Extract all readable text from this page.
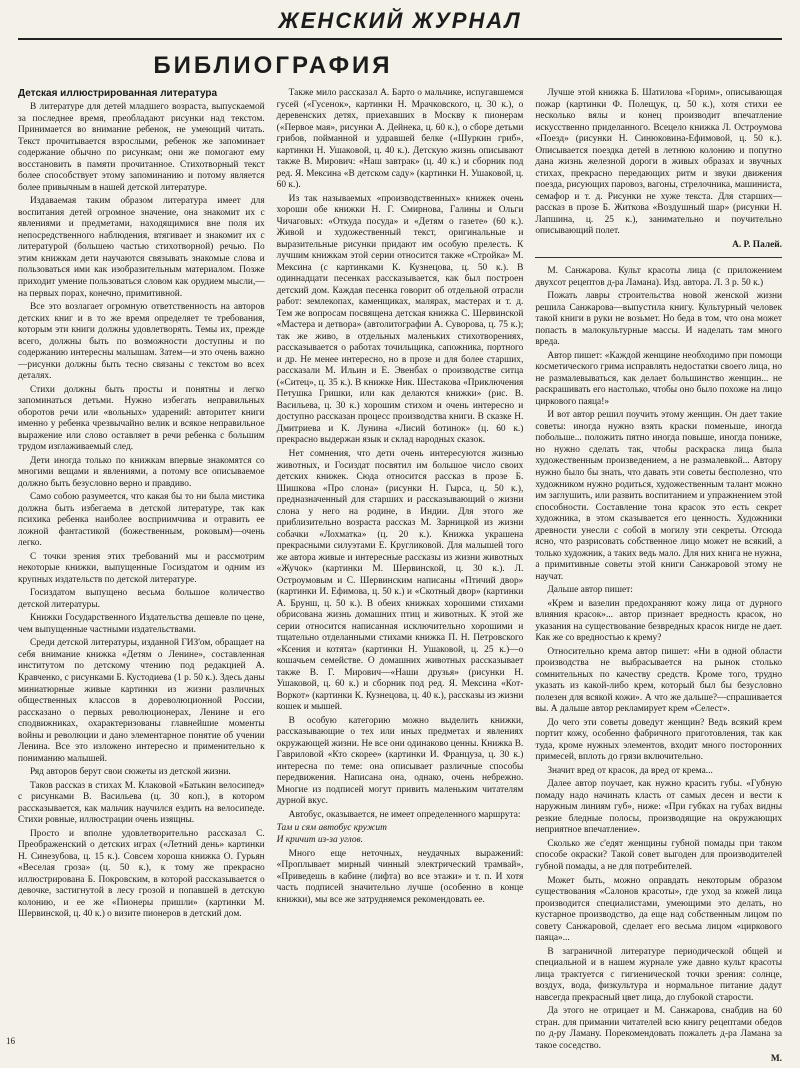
ЖЕНСКИЙ ЖУРНАЛ
БИБЛИОГРАФИЯ

Детская иллюстрированная литература

В литературе для детей младшего возраста, выпускаемой за последнее время, преобладают рисунки над текстом. Принимается во внимание ребенок, не умеющий читать. Текст прочитывается взрослыми, ребенок же запоминает содержание обычно по рисункам; они же помогают ему восстановить в памяти прочитанное. Стихотворный текст более способствует этому запоминанию и потому является более привычным в нашей детской литературе.

Издаваемая таким образом литература имеет для воспитания детей огромное значение, она знакомит их с явлениями и предметами, находящимися вне поля их непосредственного наблюдения, втягивает и знакомит их с литературой (большею частью стихотворной) речью. По этим книжкам дети научаются связывать знакомые слова и пользоваться ими как изобразительным материалом. Позже приходит умение пользоваться словом как орудием мысли,—на первых порах, конечно, примитивной.

Все это возлагает огромную ответственность на авторов детских книг и в то же время определяет те требования, которым эти книги должны удовлетворять. Темы их, прежде всего, должны быть по возможности доступны и по содержанию интересны малышам. Затем—и это очень важно—рисунки должны быть тесно связаны с текстом во всех деталях.

Стихи должны быть просты и понятны и легко запоминаться детьми. Нужно избегать неправильных оборотов речи или «вольных» ударений: авторитет книги именно у ребенка чрезвычайно велик и всякое неправильное выражение или слово оставляет в речи ребенка с большим трудом изглаживаемый след.

Дети иногда только по книжкам впервые знакомятся со многими вещами и явлениями, а потому все описываемое должно быть безусловно верно и правдиво.

Само собою разумеется, что какая бы то ни была мистика должна быть избегаема в детской литературе, так как психика ребенка наиболее восприимчива и отравить ее ложной фантастикой (божественным, роковым)—очень легко.

С точки зрения этих требований мы и рассмотрим некоторые книжки, выпущенные Госиздатом и одним из крупных издательств по детской литературе.

Госиздатом выпущено весьма большое количество детской литературы.

Книжки Государственного Издательства дешевле по цене, чем выпущенные частными издательствами.

Среди детской литературы, изданной ГИЗ'ом, обращает на себя внимание книжка «Детям о Ленине», составленная институтом по детскому чтению под редакцией А. Кравченко, с рисунками Б. Кустодиева (1 р. 50 к.). Здесь даны миниатюрные живые картинки из жизни различных общественных классов в дореволюционной России, рассказано о первых революционерах, Ленине и его сподвижниках, охарактеризованы главнейшие моменты войны и революции и дано элементарное понятие об учении Ленина. Все это изложено интересно и применительно к пониманию малышей.

Ряд авторов берут свои сюжеты из детской жизни.

Таков рассказ в стихах М. Клаковой «Батькин велосипед» с рисунками В. Васильева (ц. 30 коп.), в котором рассказывается, как мальчик научился ездить на велосипеде. Стихи ровные, иллюстрации очень изящны.

Просто и вполне удовлетворительно рассказал С. Преображенский о детских играх («Летний день» картинки Н. Синезубова, ц. 15 к.). Совсем хороша книжка О. Гурьян «Веселая гроза» (ц. 50 к.), к тому же прекрасно иллюстрирована Б. Покровским, в которой рассказывается о девочке, застигнутой в лесу грозой и попавшей в детскую колонию, и ее же «Пионеры пришли» (картинки М. Шервинской, ц. 40 к.) о визите пионеров в детский дом.

Также мило рассказал А. Барто о мальчике, испугавшемся гусей («Гусенок», картинки Н. Мрачковского, ц. 30 к.), о деревенских детях, приехавших в Москву к пионерам («Первое мая», рисунки А. Дейнека, ц. 60 к.), о сборе детьми грибов, пойманной и удравшей белке («Шуркин гриб», картинки Н. Ушаковой, ц. 40 к.). Детскую жизнь описывают также В. Мирович: «Наш завтрак» (ц. 40 к.) и сборник под ред. Я. Мексина «В детском саду» (картинки Н. Ушаковой, ц. 60 к.).

Из так называемых «производственных» книжек очень хороши обе книжки Н. Г. Смирнова, Галины и Ольги Чичаговых: «Откуда посуда» и «Детям о газете» (60 к.). Живой и художественный текст, оригинальные и выразительные рисунки придают им особую прелесть. К лучшим книжкам этой серии относится также «Стройка» М. Мексина (с картинками К. Кузнецова, ц. 50 к.). В одиннадцати песенках рассказывается, как был построен детский дом. Каждая песенка говорит об отдельной отрасли работ: землекопах, каменщиках, малярах, мастерах и т. д. Тем же вопросам посвящена детская книжка С. Шервинской «Мастера и детвора» (автолитографии А. Суворова, ц. 75 к.); так же живо, в отдельных маленьких стихотворениях, рассказывается о работах точильщика, сапожника, портного и др. Не менее интересно, но в прозе и для более старших, рассказали М. Ильин и Е. Эвенбах о производстве ситца («Ситец», ц. 35 к.). В книжке Ник. Шестакова «Приключения Петушка Гришки, или как делаются книжки» (рис. В. Васильева, ц. 30 к.) хорошим стихом и очень интересно и доступно рассказан процесс производства книги. В сказке Н. Дмитриева и К. Лунина «Лисий ботинок» (ц. 60 к.) прекрасно выдержан язык и склад народных сказок.

Нет сомнения, что дети очень интересуются жизнью животных, и Госиздат посвятил им большое число своих детских книжек. Сюда относится рассказ в прозе Б. Шишкова «Про слона» (рисунки Н. Гырса, ц. 50 к.), предназначенный для старших и рассказывающий о жизни слона у него на родине, в Индии. Для этого же приблизительно возраста рассказ М. Зарницкой из жизни собачки «Лохматка» (ц. 20 к.). Книжка украшена прекрасными силуэтами Е. Кругликовой. Для малышей того же автора живые и интересные рассказы из жизни животных «Жучок» (картинки М. Шервинской, ц. 30 к.). Л. Остроумовым и С. Шервинским написаны «Птичий двор» (картинки И. Ефимова, ц. 50 к.) и «Скотный двор» (картинки А. Брунш, ц. 50 к.). В обеих книжках хорошими стихами обрисована жизнь домашних птиц и животных. К этой же серии относится написанная исключительно хорошими и тщательно отделанными стихами книжка П. Н. Петровского «Ксения и котята» (картинки Н. Ушаковой, ц. 25 к.)—о кошачьем семействе. О домашних животных рассказывает также В. Г. Мирович—«Наши друзья» (рисунки Н. Ушаковой, ц. 60 к.) и сборник под ред. Я. Мексина «Кот-Воркот» (картинки К. Кузнецова, ц. 40 к.), рассказы из жизни кошек и мышей.

В особую категорию можно выделить книжки, рассказывающие о тех или иных предметах и явлениях окружающей жизни. Не все они одинаково ценны. Книжка В. Гавриловой «Кто скорее» (картинки И. Француза, ц. 30 к.) интересна по теме: она описывает различные способы передвижения. Написана она, однако, очень небрежно. Многие из подписей могут привить маленьким читателям дурной вкус.

Автобус, оказывается, не имеет определенного маршрута:

Там и сям автобус кружит
И кричит из-за углов.

Много еще неточных, неудачных выражений: «Проплывает мирный чинный электрический трамвай», «Приведешь в кабине (лифта) во все этажи» и т. п. И хотя часть подписей значительно лучше (особенно в конце книжки), мы все же затрудняемся рекомендовать ее.

Лучше этой книжка Б. Шатилова «Горим», описывающая пожар (картинки Ф. Полещук, ц. 50 к.), хотя стихи ее несколько вялы и конец производит впечатление искусственно приделанного. Всецело книжка Л. Остроумова «Поезд» (рисунки Н. Синюковина-Ефимовой, ц. 50 к.). Описывается поездка детей в летнюю колонию и попутно дана жизнь железной дороги в живых образах и звучных стихах, прекрасно передающих ритм и звуки движения поезда, рисующих паровоз, вагоны, стрелочника, машиниста, семафор и т. д. Рисунки не хуже текста. Для старших—рассказ в прозе Б. Житкова «Воздушный шар» (рисунки Н. Лапшина, ц. 25 к.), занимательно и поучительно описывающий полет.

А. Р. Палей.

М. Санжарова. Культ красоты лица (с приложением двухсот рецептов д-ра Ламана). Изд. автора. Л. 3 р. 50 к.)

Пожать лавры строительства новой женской жизни решила Санжарова—выпустила книгу. Культурный человек такой книги в руки не возьмет. Но беда в том, что она может попасть в малокультурные массы. И наделать там много вреда.

Автор пишет: «Каждой женщине необходимо при помощи косметического грима исправлять недостатки своего лица, но не размалевываться, как делает большинство женщин... не раскрашивать его настолько, чтобы оно было похоже на лицо циркового паяца!»

И вот автор решил поучить этому женщин. Он дает такие советы: иногда нужно взять краски поменьше, иногда побольше... положить пятно иногда повыше, иногда пониже, но нужно сделать так, чтобы раскраска лица была художественным произведением, а не размалевкой... Автору нужно было бы знать, что давать эти советы бесполезно, что художником нужно родиться, художественным талант можно им заглушить, или развить воспитанием и упражнением этой способности. Составление тона красок это есть секрет художника, в этом сказывается его ценность. Художники древности унесли с собой в могилу эти секреты. Отсюда ясно, что разрисовать собственное лицо может не всякий, а только художник, а таких ведь мало. Для них книга не нужна, а примитивные советы этой книги Санжаровой этому не научат.

Дальше автор пишет:

«Крем и вазелин предохраняют кожу лица от дурного влияния красок»... автор признает вредность красок, но указания на существование безвредных красок нигде не дает. Как же со вредностью к крему?

Относительно крема автор пишет: «Ни в одной области производства не выбрасывается на рынок столько сомнительных по качеству средств. Кроме того, трудно указать из какой-либо крем, который был бы безусловно полезен для всякой кожи». А что же дальше?—спрашивается вы. А дальше автор рекламирует крем «Селест».

До чего эти советы доведут женщин? Ведь всякий крем портит кожу, особенно фабричного приготовления, так как туда, кроме нужных элементов, входит много посторонних примесей, вплоть до грязи включительно.

Значит вред от красок, да вред от крема...

Далее автор поучает, как нужно красить губы. «Губную помаду надо начинать класть от самых десен и вести к наружным линиям губ», ниже: «При губках на губах видны резкие бледные полосы, производящие на окружающих неприятное впечатление».

Сколько же с'едят женщины губной помады при таком способе окраски? Такой совет выгоден для производителей губной помады, а не для потребителей.

Может быть, можно оправдать некоторым образом существования «Салонов красоты», где уход за кожей лица производится специалистами, умеющими это делать, но кустарное производство, да еще над собственным лицом по совету Санжаровой, сделает его весьма лицом «циркового паяца»...

В заграничной литературе периодической общей и специальной и в нашем журнале уже давно культ красоты лица трактуется с гигиенической точки зрения: солнце, воздух, вода, физкультура и нормальное питание дадут навсегда прекрасный цвет лица, до глубокой старости.

Да этого не отрицает и М. Санжарова, снабдив на 60 стран. для примании читателей всю книгу рецептами обедов по д-ру Ламану. Порекомендовать пожалеть д-ра Ламана за такое соседство.

М.

16
